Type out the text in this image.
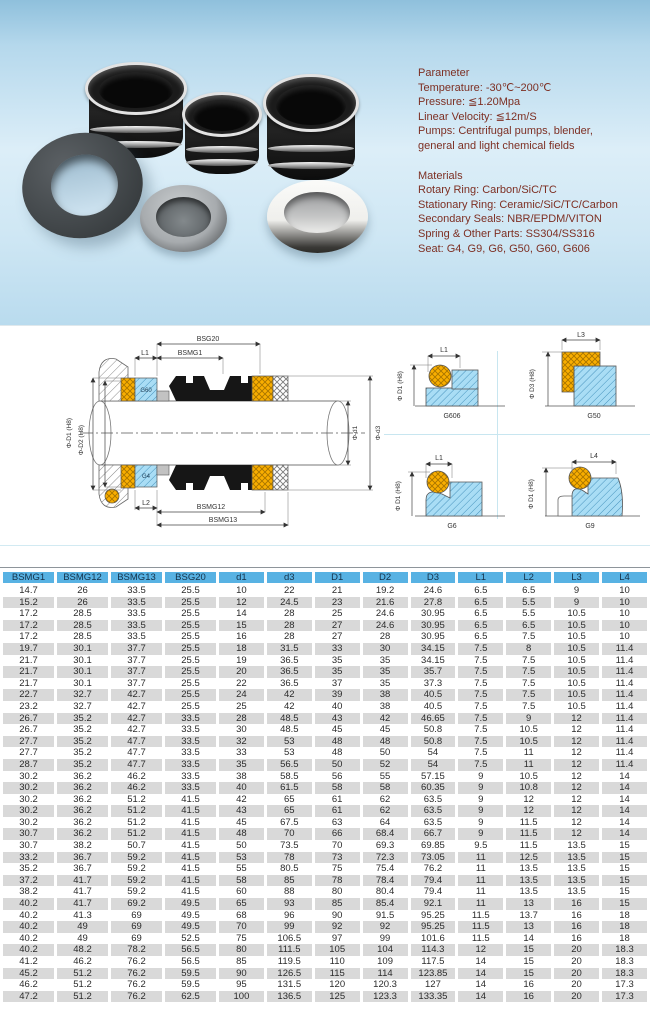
Parameter
Temperature: -30℃~200℃
Pressure: ≦1.20Mpa
Linear Velocity: ≦12m/S
Pumps: Centrifugal pumps, blender,
general and light chemical fields
Materials
Rotary Ring: Carbon/SiC/TC
Stationary Ring: Ceramic/SiC/TC/Carbon
Secondary Seals: NBR/EPDM/VITON
Spring & Other Parts: SS304/SS316
Seat: G4, G9, G6, G50, G60, G606
G60
G4
BSG20
BSMG1
L1
L2
BSMG12
BSMG13
Φ-D1 (H8) Φ-D2 (H8)	Φ-d1 Φ-d3
L1
Φ D1 (H8)
G606
L3
Φ D3 (H8)
G50
L1
Φ D1 (H8)
G6
L4
Φ D1 (H8)
G9
BSMG1	BSMG12	BSMG13	BSG20	d1	d3	D1	D2	D3	L1	L2	L3	L4
14.7	26	33.5	25.5	10	22	21	19.2	24.6	6.5	6.5	9	10
15.2	26	33.5	25.5	12	24.5	23	21.6	27.8	6.5	5.5	9	10
17.2	28.5	33.5	25.5	14	28	25	24.6	30.95	6.5	5.5	10.5	10
17.2	28.5	33.5	25.5	15	28	27	24.6	30.95	6.5	6.5	10.5	10
17.2	28.5	33.5	25.5	16	28	27	28	30.95	6.5	7.5	10.5	10
19.7	30.1	37.7	25.5	18	31.5	33	30	34.15	7.5	8	10.5	11.4
21.7	30.1	37.7	25.5	19	36.5	35	35	34.15	7.5	7.5	10.5	11.4
21.7	30.1	37.7	25.5	20	36.5	35	35	35.7	7.5	7.5	10.5	11.4
21.7	30.1	37.7	25.5	22	36.5	37	35	37.3	7.5	7.5	10.5	11.4
22.7	32.7	42.7	25.5	24	42	39	38	40.5	7.5	7.5	10.5	11.4
23.2	32.7	42.7	25.5	25	42	40	38	40.5	7.5	7.5	10.5	11.4
26.7	35.2	42.7	33.5	28	48.5	43	42	46.65	7.5	9	12	11.4
26.7	35.2	42.7	33.5	30	48.5	45	45	50.8	7.5	10.5	12	11.4
27.7	35.2	47.7	33.5	32	53	48	48	50.8	7.5	10.5	12	11.4
27.7	35.2	47.7	33.5	33	53	48	50	54	7.5	11	12	11.4
28.7	35.2	47.7	33.5	35	56.5	50	52	54	7.5	11	12	11.4
30.2	36.2	46.2	33.5	38	58.5	56	55	57.15	9	10.5	12	14
30.2	36.2	46.2	33.5	40	61.5	58	58	60.35	9	10.8	12	14
30.2	36.2	51.2	41.5	42	65	61	62	63.5	9	12	12	14
30.2	36.2	51.2	41.5	43	65	61	62	63.5	9	12	12	14
30.2	36.2	51.2	41.5	45	67.5	63	64	63.5	9	11.5	12	14
30.7	36.2	51.2	41.5	48	70	66	68.4	66.7	9	11.5	12	14
30.7	38.2	50.7	41.5	50	73.5	70	69.3	69.85	9.5	11.5	13.5	15
33.2	36.7	59.2	41.5	53	78	73	72.3	73.05	11	12.5	13.5	15
35.2	36.7	59.2	41.5	55	80.5	75	75.4	76.2	11	13.5	13.5	15
37.2	41.7	59.2	41.5	58	85	78	78.4	79.4	11	13.5	13.5	15
38.2	41.7	59.2	41.5	60	88	80	80.4	79.4	11	13.5	13.5	15
40.2	41.7	69.2	49.5	65	93	85	85.4	92.1	11	13	16	15
40.2	41.3	69	49.5	68	96	90	91.5	95.25	11.5	13.7	16	18
40.2	49	69	49.5	70	99	92	92	95.25	11.5	13	16	18
40.2	49	69	52.5	75	106.5	97	99	101.6	11.5	14	16	18
40.2	48.2	78.2	56.5	80	111.5	105	104	114.3	12	15	20	18.3
41.2	46.2	76.2	56.5	85	119.5	110	109	117.5	14	15	20	18.3
45.2	51.2	76.2	59.5	90	126.5	115	114	123.85	14	15	20	18.3
46.2	51.2	76.2	59.5	95	131.5	120	120.3	127	14	16	20	17.3
47.2	51.2	76.2	62.5	100	136.5	125	123.3	133.35	14	16	20	17.3
